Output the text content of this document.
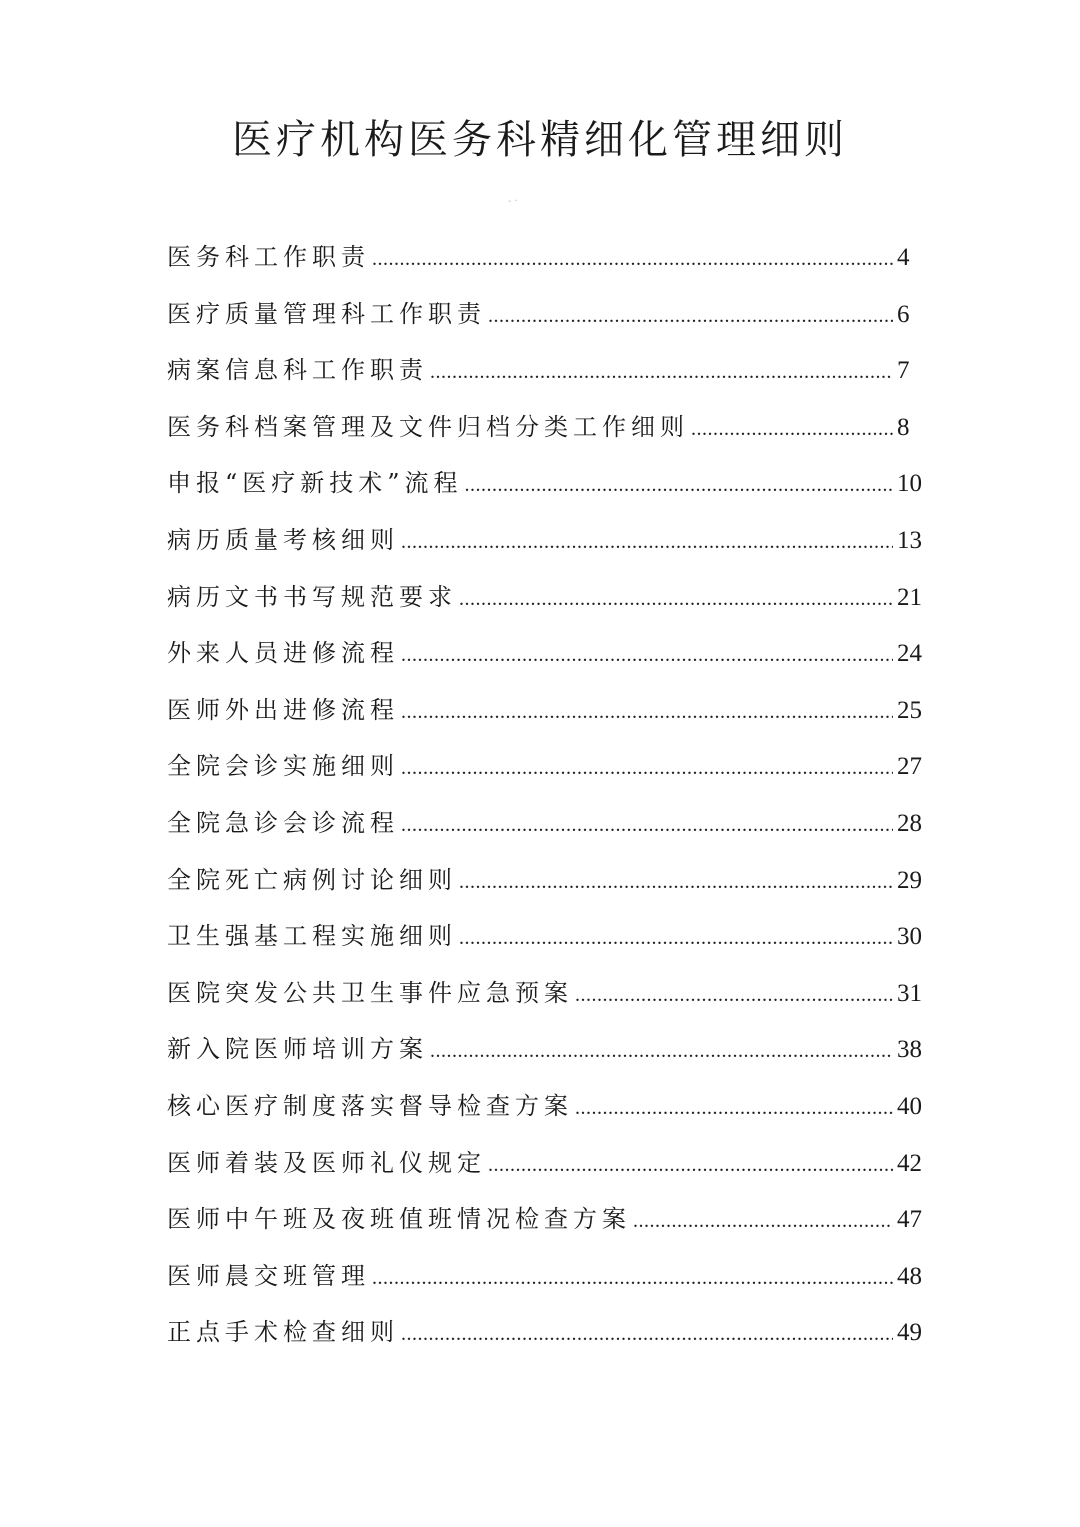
医疗机构医务科精细化管理细则
- ·
医务科工作职责 .....	4
医疗质量管理科工作职责 .....	6
病案信息科工作职责 .....	7
医务科档案管理及文件归档分类工作细则 .....	8
申报“医疗新技术”流程 .....	10
病历质量考核细则 .....	13
病历文书书写规范要求 .....	21
外来人员进修流程 .....	24
医师外出进修流程 .....	25
全院会诊实施细则 .....	27
全院急诊会诊流程 .....	28
全院死亡病例讨论细则 .....	29
卫生强基工程实施细则 .....	30
医院突发公共卫生事件应急预案 .....	31
新入院医师培训方案 .....	38
核心医疗制度落实督导检查方案 .....	40
医师着装及医师礼仪规定 .....	42
医师中午班及夜班值班情况检查方案 .....	47
医师晨交班管理 .....	48
正点手术检查细则 .....	49
